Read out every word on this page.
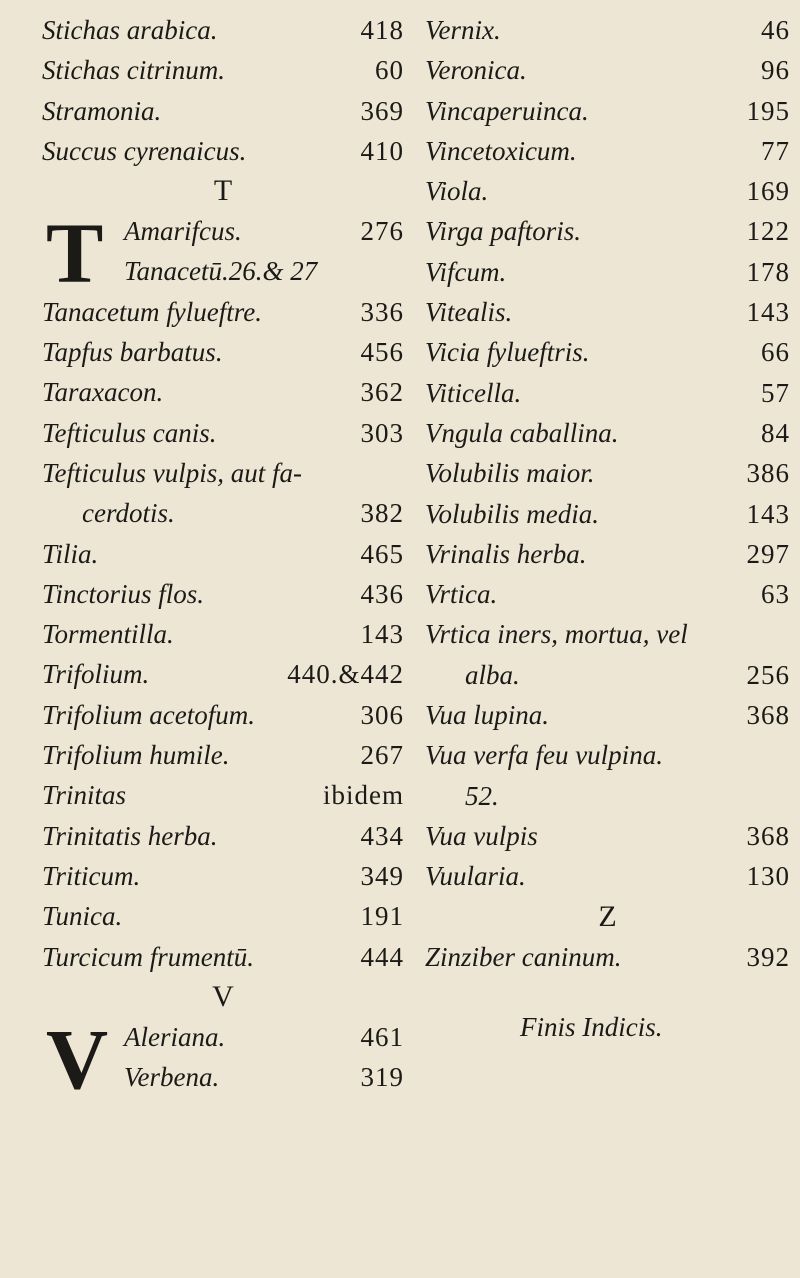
Stichas arabica.	418
Stichas citrinum.	60
Stramonia.	369
Succus cyrenaicus.	410
T
T Amarifcus.	276
Tanacetū.26.& 27
Tanacetum fylueftre.	336
Tapfus barbatus.	456
Taraxacon.	362
Tefticulus canis.	303
Tefticulus vulpis, aut fa-
cerdotis.	382
Tilia.	465
Tinctorius flos.	436
Tormentilla.	143
Trifolium.	440.&442
Trifolium acetofum.	306
Trifolium humile.	267
Trinitas	ibidem
Trinitatis herba.	434
Triticum.	349
Tunica.	191
Turcicum frumentū.	444
V
V Aleriana.	461
Verbena.	319
Vernix.	46
Veronica.	96
Vincaperuinca.	195
Vincetoxicum.	77
Viola.	169
Virga paftoris.	122
Vifcum.	178
Vitealis.	143
Vicia fylueftris.	66
Viticella.	57
Vngula caballina.	84
Volubilis maior.	386
Volubilis media.	143
Vrinalis herba.	297
Vrtica.	63
Vrtica iners, mortua, vel
alba.	256
Vua lupina.	368
Vua verfa feu vulpina.
52.
Vua vulpis	368
Vuularia.	130
Z
Zinziber caninum.	392
Finis Indicis.
